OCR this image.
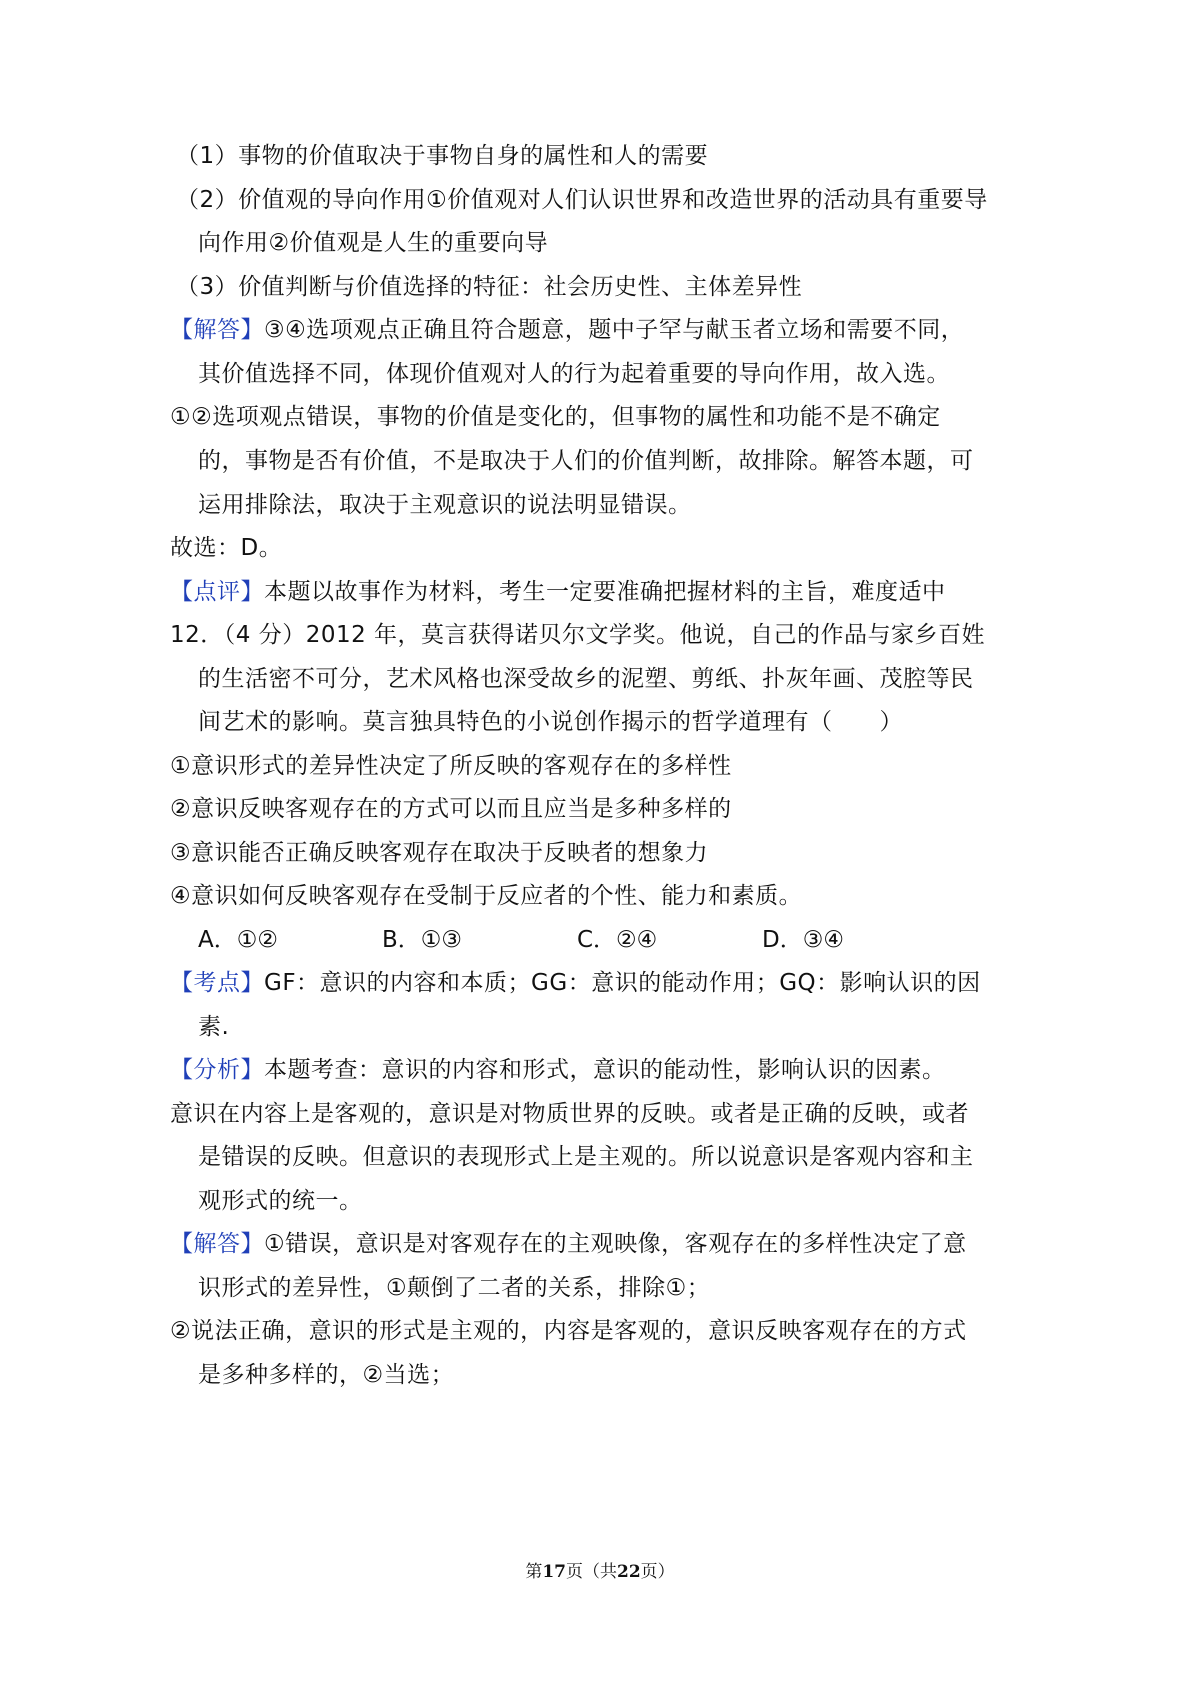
（1）事物的价值取决于事物自身的属性和人的需要
（2）价值观的导向作用①价值观对人们认识世界和改造世界的活动具有重要导
向作用②价值观是人生的重要向导
（3）价值判断与价值选择的特征：社会历史性、主体差异性
【解答】③④选项观点正确且符合题意，题中子罕与献玉者立场和需要不同，
其价值选择不同，体现价值观对人的行为起着重要的导向作用，故入选。
①②选项观点错误，事物的价值是变化的，但事物的属性和功能不是不确定
的，事物是否有价值，不是取决于人们的价值判断，故排除。解答本题，可
运用排除法，取决于主观意识的说法明显错误。
故选：D。
【点评】本题以故事作为材料，考生一定要准确把握材料的主旨，难度适中
12．（4 分）2012 年，莫言获得诺贝尔文学奖。他说，自己的作品与家乡百姓
的生活密不可分，艺术风格也深受故乡的泥塑、剪纸、扑灰年画、茂腔等民
间艺术的影响。莫言独具特色的小说创作揭示的哲学道理有（　　）
①意识形式的差异性决定了所反映的客观存在的多样性
②意识反映客观存在的方式可以而且应当是多种多样的
③意识能否正确反映客观存在取决于反映者的想象力
④意识如何反映客观存在受制于反应者的个性、能力和素质。
A．①②	B．①③	C．②④	D．③④
【考点】GF：意识的内容和本质；GG：意识的能动作用；GQ：影响认识的因
素.
【分析】本题考查：意识的内容和形式，意识的能动性，影响认识的因素。
意识在内容上是客观的，意识是对物质世界的反映。或者是正确的反映，或者
是错误的反映。但意识的表现形式上是主观的。所以说意识是客观内容和主
观形式的统一。
【解答】①错误，意识是对客观存在的主观映像，客观存在的多样性决定了意
识形式的差异性，①颠倒了二者的关系，排除①；
②说法正确，意识的形式是主观的，内容是客观的，意识反映客观存在的方式
是多种多样的，②当选；
第17页（共22页）
